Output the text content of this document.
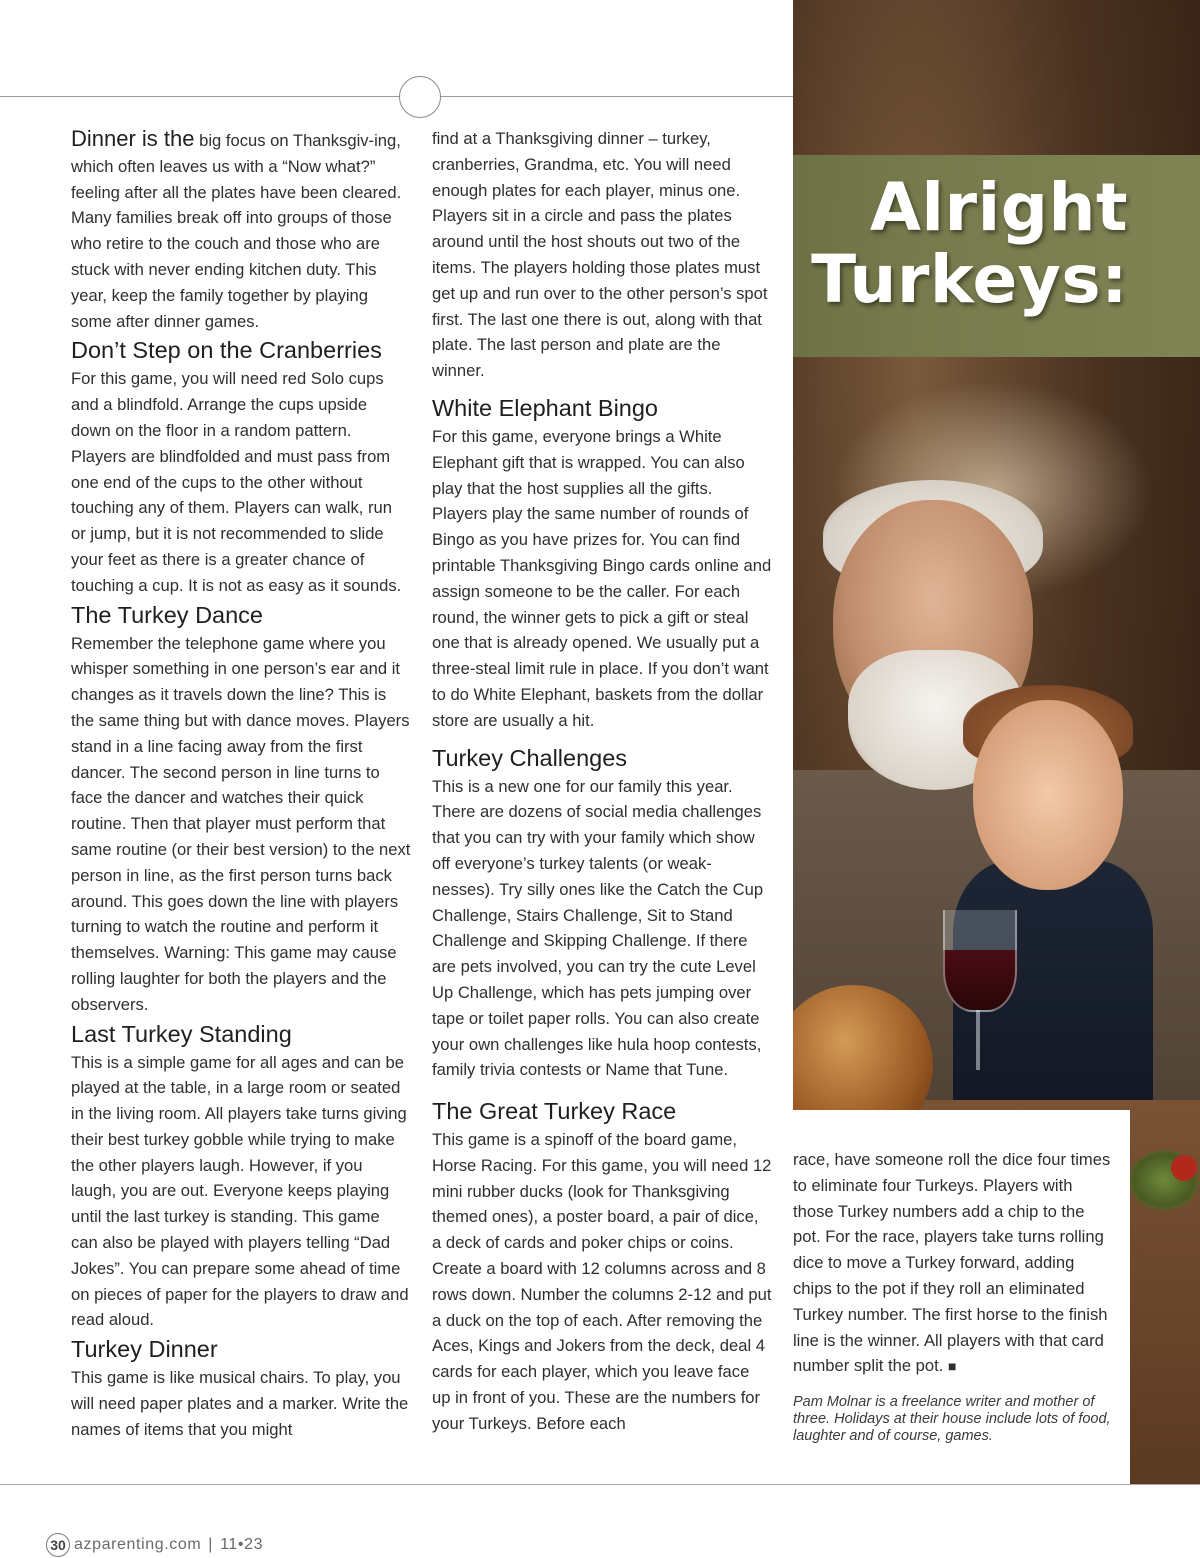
Alright
Turkeys:

Dinner is the big focus on Thanksgiv-ing, which often leaves us with a “Now what?” feeling after all the plates have been cleared. Many families break off into groups of those who retire to the couch and those who are stuck with never ending kitchen duty. This year, keep the family together by playing some after dinner games.

Don’t Step on the Cranberries

For this game, you will need red Solo cups and a blindfold. Arrange the cups upside down on the floor in a random pattern. Players are blindfolded and must pass from one end of the cups to the other without touching any of them. Players can walk, run or jump, but it is not recommended to slide your feet as there is a greater chance of touching a cup. It is not as easy as it sounds.

The Turkey Dance

Remember the telephone game where you whisper something in one person’s ear and it changes as it travels down the line? This is the same thing but with dance moves. Players stand in a line facing away from the first dancer. The second person in line turns to face the dancer and watches their quick routine. Then that player must perform that same routine (or their best version) to the next person in line, as the first person turns back around. This goes down the line with players turning to watch the routine and perform it themselves. Warning: This game may cause rolling laughter for both the players and the observers.

Last Turkey Standing

This is a simple game for all ages and can be played at the table, in a large room or seated in the living room. All players take turns giving their best turkey gobble while trying to make the other players laugh. However, if you laugh, you are out. Everyone keeps playing until the last turkey is standing. This game can also be played with players telling “Dad Jokes”. You can prepare some ahead of time on pieces of paper for the players to draw and read aloud.

Turkey Dinner

This game is like musical chairs. To play, you will need paper plates and a marker. Write the names of items that you might

find at a Thanksgiving dinner – turkey, cranberries, Grandma, etc. You will need enough plates for each player, minus one. Players sit in a circle and pass the plates around until the host shouts out two of the items. The players holding those plates must get up and run over to the other person’s spot first. The last one there is out, along with that plate. The last person and plate are the winner.

White Elephant Bingo

For this game, everyone brings a White Elephant gift that is wrapped. You can also play that the host supplies all the gifts. Players play the same number of rounds of Bingo as you have prizes for. You can find printable Thanksgiving Bingo cards online and assign someone to be the caller. For each round, the winner gets to pick a gift or steal one that is already opened. We usually put a three-steal limit rule in place. If you don’t want to do White Elephant, baskets from the dollar store are usually a hit.

Turkey Challenges

This is a new one for our family this year. There are dozens of social media challenges that you can try with your family which show off everyone’s turkey talents (or weak-nesses). Try silly ones like the Catch the Cup Challenge, Stairs Challenge, Sit to Stand Challenge and Skipping Challenge. If there are pets involved, you can try the cute Level Up Challenge, which has pets jumping over tape or toilet paper rolls. You can also create your own challenges like hula hoop contests, family trivia contests or Name that Tune.

The Great Turkey Race

This game is a spinoff of the board game, Horse Racing. For this game, you will need 12 mini rubber ducks (look for Thanksgiving themed ones), a poster board, a pair of dice, a deck of cards and poker chips or coins. Create a board with 12 columns across and 8 rows down. Number the columns 2-12 and put a duck on the top of each. After removing the Aces, Kings and Jokers from the deck, deal 4 cards for each player, which you leave face up in front of you. These are the numbers for your Turkeys. Before each

race, have someone roll the dice four times to eliminate four Turkeys. Players with those Turkey numbers add a chip to the pot. For the race, players take turns rolling dice to move a Turkey forward, adding chips to the pot if they roll an eliminated Turkey number. The first horse to the finish line is the winner. All players with that card number split the pot. ■

Pam Molnar is a freelance writer and mother of three. Holidays at their house include lots of food, laughter and of course, games.

30 azparenting.com | 11•23
